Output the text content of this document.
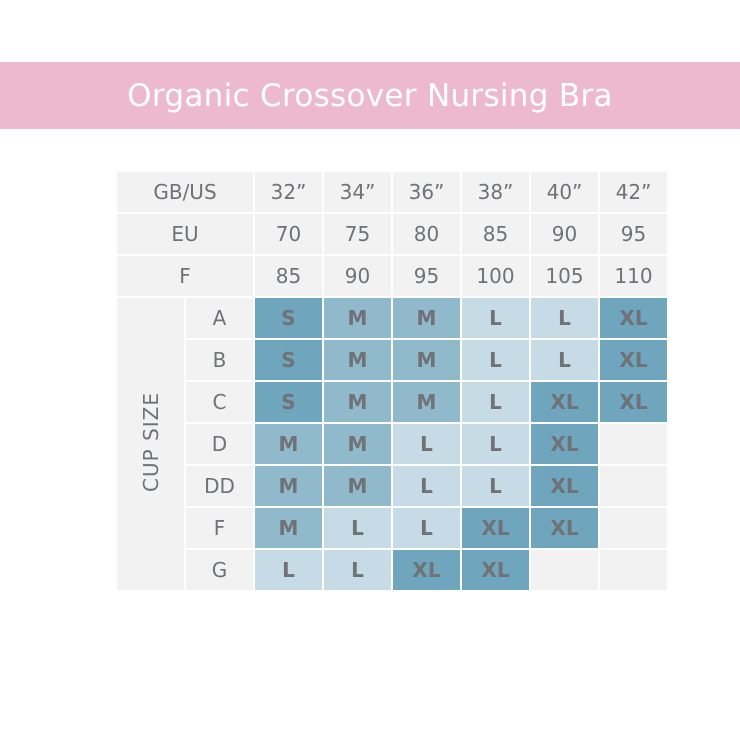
Organic Crossover Nursing Bra
GB/US		32”	34”	36”	38”	40”	42”
EU		70	75	80	85	90	95
F		85	90	95	100	105	110
CUP SIZE	A	S	M	M	L	L	XL
	B	S	M	M	L	L	XL
	C	S	M	M	L	XL	XL
	D	M	M	L	L	XL	
	DD	M	M	L	L	XL	
	F	M	L	L	XL	XL	
	G	L	L	XL	XL		
